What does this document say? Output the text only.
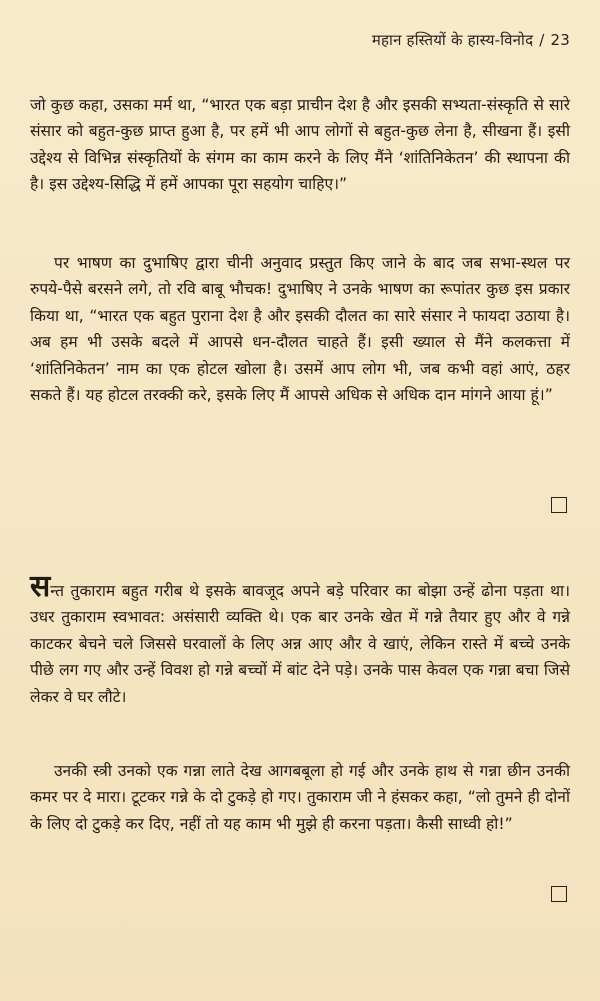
महान हस्तियों के हास्य-विनोद / 23

जो कुछ कहा, उसका मर्म था, “भारत एक बड़ा प्राचीन देश है और इसकी सभ्यता-संस्कृति से सारे संसार को बहुत-कुछ प्राप्त हुआ है, पर हमें भी आप लोगों से बहुत-कुछ लेना है, सीखना हैं। इसी उद्देश्य से विभिन्न संस्कृतियों के संगम का काम करने के लिए मैंने ‘शांतिनिकेतन’ की स्थापना की है। इस उद्देश्य-सिद्धि में हमें आपका पूरा सहयोग चाहिए।”

पर भाषण का दुभाषिए द्वारा चीनी अनुवाद प्रस्तुत किए जाने के बाद जब सभा-स्थल पर रुपये-पैसे बरसने लगे, तो रवि बाबू भौचक! दुभाषिए ने उनके भाषण का रूपांतर कुछ इस प्रकार किया था, “भारत एक बहुत पुराना देश है और इसकी दौलत का सारे संसार ने फायदा उठाया है। अब हम भी उसके बदले में आपसे धन-दौलत चाहते हैं। इसी ख्याल से मैंने कलकत्ता में ‘शांतिनिकेतन’ नाम का एक होटल खोला है। उसमें आप लोग भी, जब कभी वहां आएं, ठहर सकते हैं। यह होटल तरक्की करे, इसके लिए मैं आपसे अधिक से अधिक दान मांगने आया हूं।”

सन्त तुकाराम बहुत गरीब थे इसके बावजूद अपने बड़े परिवार का बोझा उन्हें ढोना पड़ता था। उधर तुकाराम स्वभावत: असंसारी व्यक्ति थे। एक बार उनके खेत में गन्ने तैयार हुए और वे गन्ने काटकर बेचने चले जिससे घरवालों के लिए अन्न आए और वे खाएं, लेकिन रास्ते में बच्चे उनके पीछे लग गए और उन्हें विवश हो गन्ने बच्चों में बांट देने पड़े। उनके पास केवल एक गन्ना बचा जिसे लेकर वे घर लौटे।

उनकी स्त्री उनको एक गन्ना लाते देख आगबबूला हो गई और उनके हाथ से गन्ना छीन उनकी कमर पर दे मारा। टूटकर गन्ने के दो टुकड़े हो गए। तुकाराम जी ने हंसकर कहा, “लो तुमने ही दोनों के लिए दो टुकड़े कर दिए, नहीं तो यह काम भी मुझे ही करना पड़ता। कैसी साध्वी हो!”
